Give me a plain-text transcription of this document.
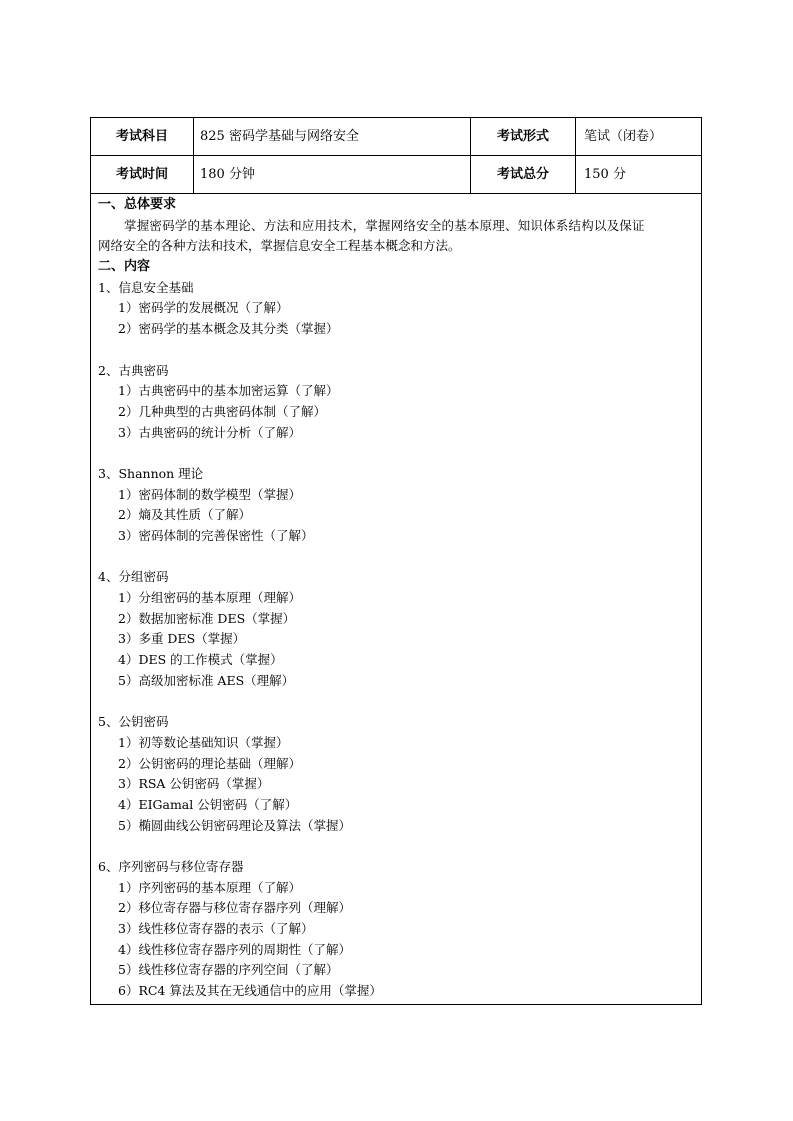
考试科目	825 密码学基础与网络安全	考试形式	笔试（闭卷）
考试时间	180 分钟	考试总分	150 分
一、总体要求
掌握密码学的基本理论、方法和应用技术，掌握网络安全的基本原理、知识体系结构以及保证
网络安全的各种方法和技术，掌握信息安全工程基本概念和方法。
二、内容
1、信息安全基础
1）密码学的发展概况（了解）
2）密码学的基本概念及其分类（掌握）
2、古典密码
1）古典密码中的基本加密运算（了解）
2）几种典型的古典密码体制（了解）
3）古典密码的统计分析（了解）
3、Shannon 理论
1）密码体制的数学模型（掌握）
2）熵及其性质（了解）
3）密码体制的完善保密性（了解）
4、分组密码
1）分组密码的基本原理（理解）
2）数据加密标准 DES（掌握）
3）多重 DES（掌握）
4）DES 的工作模式（掌握）
5）高级加密标准 AES（理解）
5、公钥密码
1）初等数论基础知识（掌握）
2）公钥密码的理论基础（理解）
3）RSA 公钥密码（掌握）
4）EIGamal 公钥密码（了解）
5）椭圆曲线公钥密码理论及算法（掌握）
6、序列密码与移位寄存器
1）序列密码的基本原理（了解）
2）移位寄存器与移位寄存器序列（理解）
3）线性移位寄存器的表示（了解）
4）线性移位寄存器序列的周期性（了解）
5）线性移位寄存器的序列空间（了解）
6）RC4 算法及其在无线通信中的应用（掌握）
